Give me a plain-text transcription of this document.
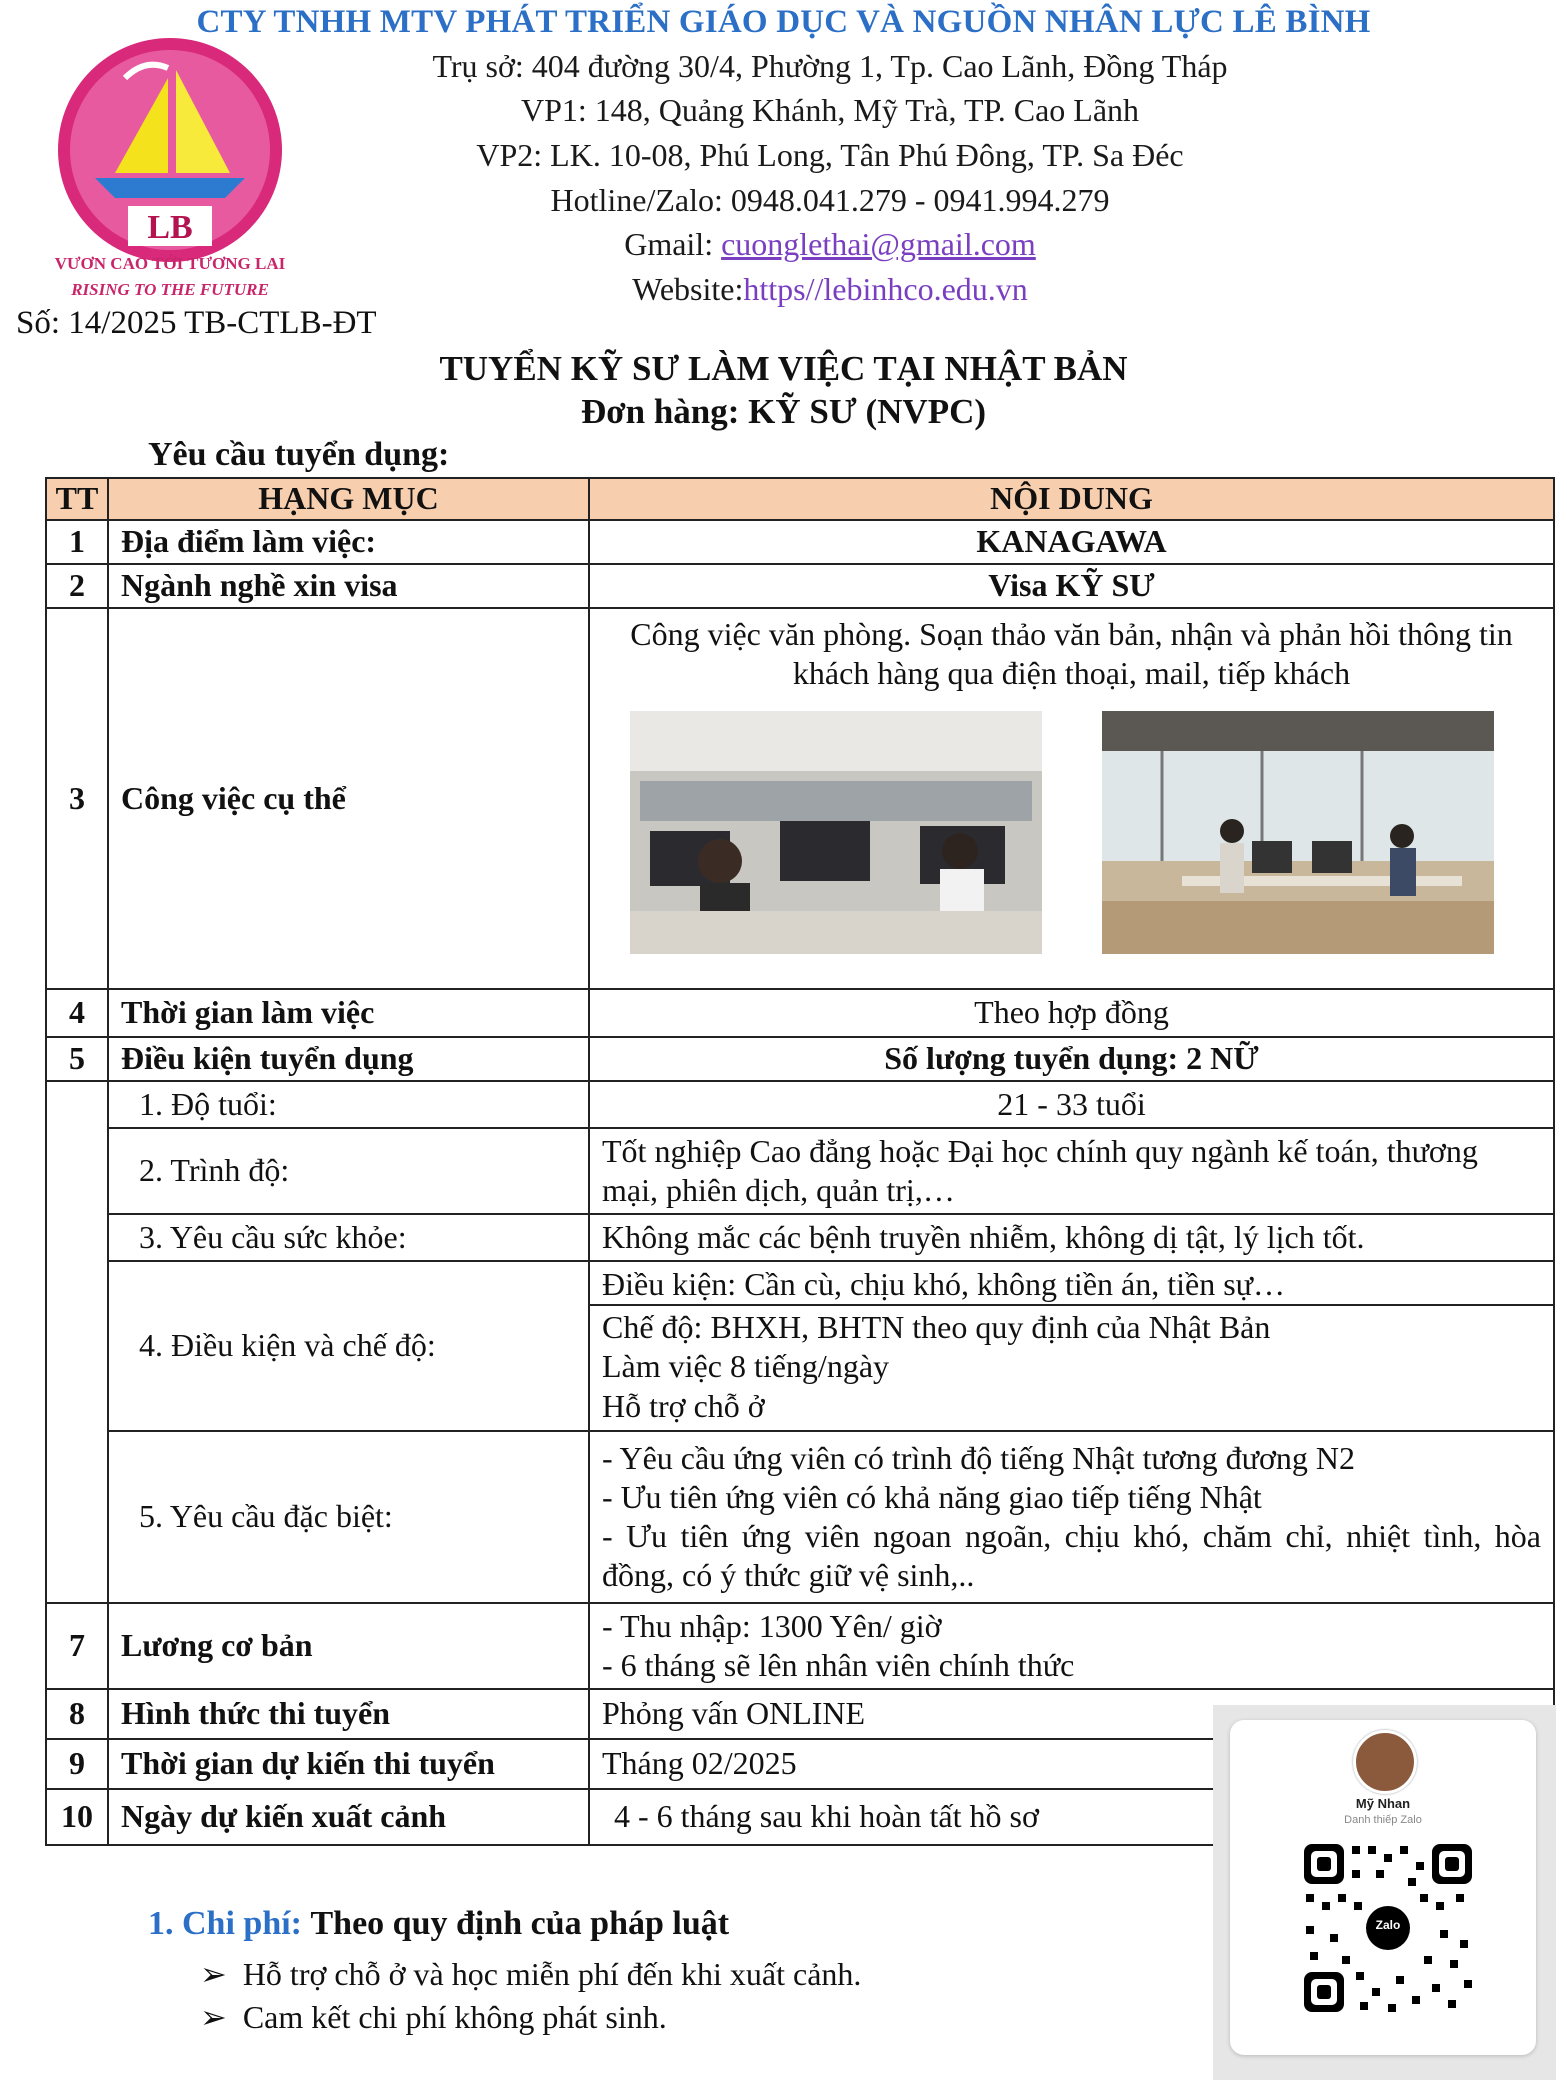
LB
VƯƠN CAO TỚI TƯƠNG LAI
RISING TO THE FUTURE
CTY TNHH MTV PHÁT TRIỂN GIÁO DỤC VÀ NGUỒN NHÂN LỰC LÊ BÌNH
Trụ sở: 404 đường 30/4, Phường 1, Tp. Cao Lãnh, Đồng Tháp
VP1: 148, Quảng Khánh, Mỹ Trà, TP. Cao Lãnh
VP2: LK. 10-08, Phú Long, Tân Phú Đông, TP. Sa Đéc
Hotline/Zalo: 0948.041.279 - 0941.994.279
Gmail: cuonglethai@gmail.com
Website:https//lebinhco.edu.vn
Số: 14/2025 TB-CTLB-ĐT
TUYỂN KỸ SƯ LÀM VIỆC TẠI NHẬT BẢN
Đơn hàng: KỸ SƯ (NVPC)
Yêu cầu tuyển dụng:
TT	HẠNG MỤC	NỘI DUNG
1	Địa điểm làm việc:	KANAGAWA
2	Ngành nghề xin visa	Visa KỸ SƯ
3	Công việc cụ thể	Công việc văn phòng. Soạn thảo văn bản, nhận và phản hồi thông tin khách hàng qua điện thoại, mail, tiếp khách

4	Thời gian làm việc	Theo hợp đồng
5	Điều kiện tuyển dụng	Số lượng tuyển dụng: 2 NỮ
	1. Độ tuổi:	21 - 33 tuổi
	2. Trình độ:	Tốt nghiệp Cao đẳng hoặc Đại học chính quy ngành kế toán, thương mại, phiên dịch, quản trị,…
	3. Yêu cầu sức khỏe:	Không mắc các bệnh truyền nhiễm, không dị tật, lý lịch tốt.
	4. Điều kiện và chế độ:	Điều kiện: Cần cù, chịu khó, không tiền án, tiền sự…
Chế độ: BHXH, BHTN theo quy định của Nhật Bản
Làm việc 8 tiếng/ngày
Hỗ trợ chỗ ở

	5. Yêu cầu đặc biệt:	- Yêu cầu ứng viên có trình độ tiếng Nhật tương đương N2
- Ưu tiên ứng viên có khả năng giao tiếp tiếng Nhật
- Ưu tiên ứng viên ngoan ngoãn, chịu khó, chăm chỉ, nhiệt tình, hòa đồng, có ý thức giữ vệ sinh,..

7	Lương cơ bản	- Thu nhập: 1300 Yên/ giờ
- 6 tháng sẽ lên nhân viên chính thức

8	Hình thức thi tuyển	Phỏng vấn ONLINE
9	Thời gian dự kiến thi tuyển	Tháng 02/2025
10	Ngày dự kiến xuất cảnh	4 - 6 tháng sau khi hoàn tất hồ sơ
1. Chi phí: Theo quy định của pháp luật
➢ Hỗ trợ chỗ ở và học miễn phí đến khi xuất cảnh.
➢ Cam kết chi phí không phát sinh.
Mỹ Nhan
Danh thiếp Zalo
Zalo
